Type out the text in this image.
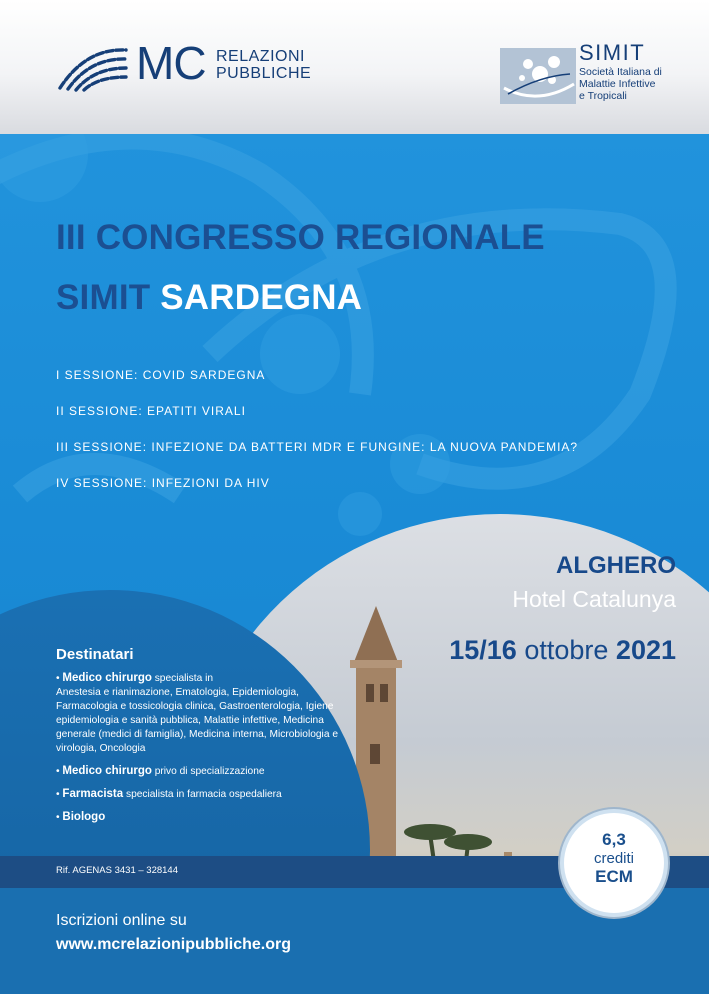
MC RELAZIONI
PUBBLICHE
SIMIT
Società Italiana di
Malattie Infettive
e Tropicali
III CONGRESSO REGIONALE
SIMIT SARDEGNA
I SESSIONE: COVID SARDEGNA
II SESSIONE: EPATITI VIRALI
III SESSIONE: INFEZIONE DA BATTERI MDR E FUNGINE: LA NUOVA PANDEMIA?
IV SESSIONE: INFEZIONI DA HIV
ALGHERO
Hotel Catalunya
15/16 ottobre 2021
Destinatari
• Medico chirurgo specialista in
Anestesia e rianimazione, Ematologia, Epidemiologia, Farmacologia e tossicologia clinica, Gastroenterologia, Igiene epidemiologia e sanità pubblica, Malattie infettive, Medicina generale (medici di famiglia), Medicina interna, Microbiologia e virologia, Oncologia
• Medico chirurgo privo di specializzazione
• Farmacista specialista in farmacia ospedaliera
• Biologo
Rif. AGENAS 3431 – 328144
Iscrizioni online su
www.mcrelazionipubbliche.org
6,3
crediti
ECM
